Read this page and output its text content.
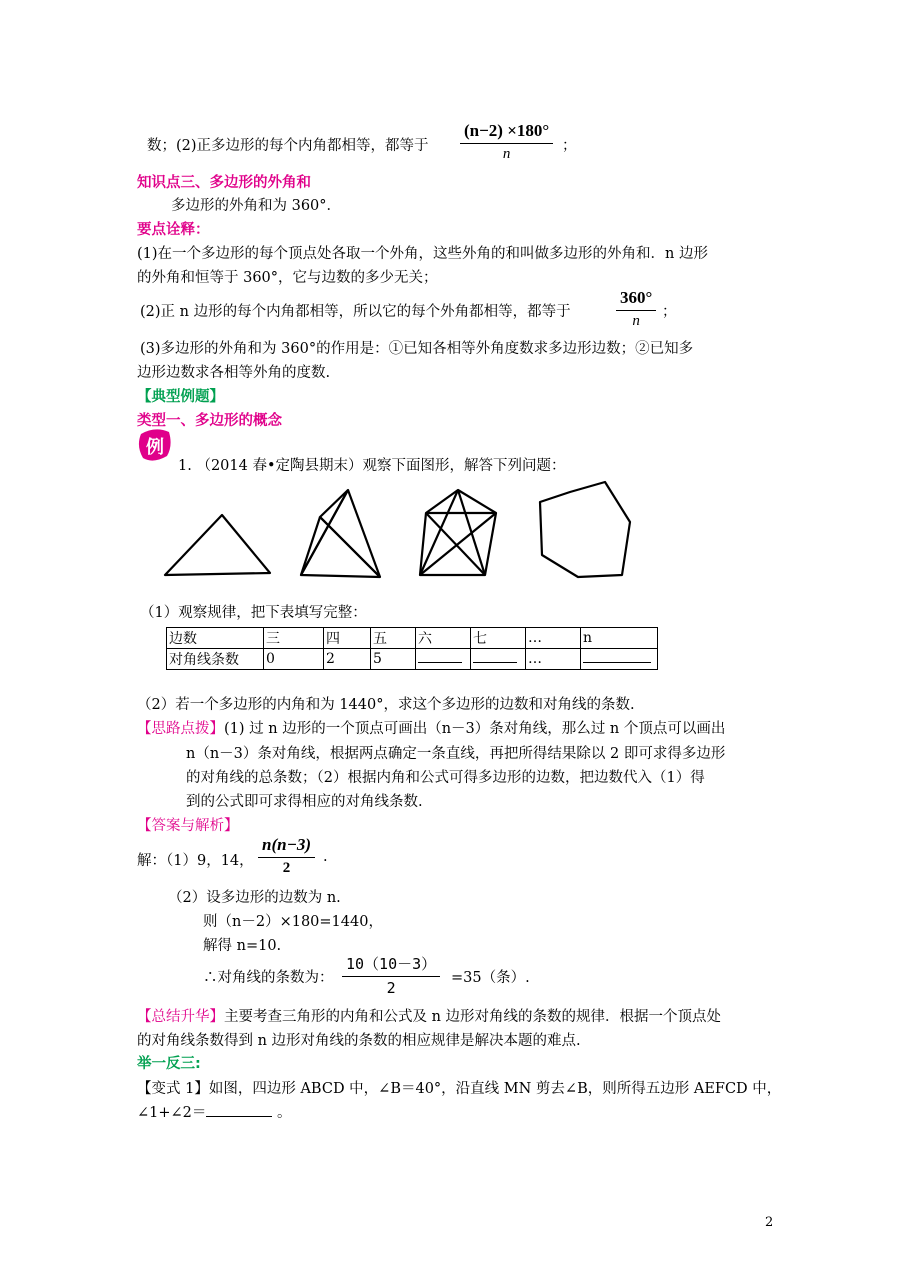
数；(2)正多边形的每个内角都相等，都等于
(n−2) ×180°
n	；
知识点三、多边形的外角和
多边形的外角和为 360°．
要点诠释：
(1)在一个多边形的每个顶点处各取一个外角，这些外角的和叫做多边形的外角和．n 边形
的外角和恒等于 360°，它与边数的多少无关；
(2)正 n 边形的每个内角都相等，所以它的每个外角都相等，都等于
360°
n
；
(3)多边形的外角和为 360°的作用是：①已知各相等外角度数求多边形边数；②已知多
边形边数求各相等外角的度数.
【典型例题】
类型一、多边形的概念
例
1. （2014 春•定陶县期末）观察下面图形，解答下列问题：
（1）观察规律，把下表填写完整：
边数	三	四	五	六	七	…	n
对角线条数	0	2	5			…	
（2）若一个多边形的内角和为 1440°，求这个多边形的边数和对角线的条数.
【思路点拨】(1) 过 n 边形的一个顶点可画出（n－3）条对角线，那么过 n 个顶点可以画出
n（n－3）条对角线，根据两点确定一条直线，再把所得结果除以 2 即可求得多边形
的对角线的总条数；（2）根据内角和公式可得多边形的边数，把边数代入（1）得
到的公式即可求得相应的对角线条数.
【答案与解析】
解：（1）9，14，
n(n−3)
2
.
（2）设多边形的边数为 n.
则（n－2）×180=1440，
解得 n=10.
∴对角线的条数为：
10（10－3）
2
=35（条）.
【总结升华】主要考查三角形的内角和公式及 n 边形对角线的条数的规律．根据一个顶点处
的对角线条数得到 n 边形对角线的条数的相应规律是解决本题的难点.
举一反三:
【变式 1】如图，四边形 ABCD 中，∠B＝40°，沿直线 MN 剪去∠B，则所得五边形 AEFCD 中，
∠1+∠2＝	。
2
